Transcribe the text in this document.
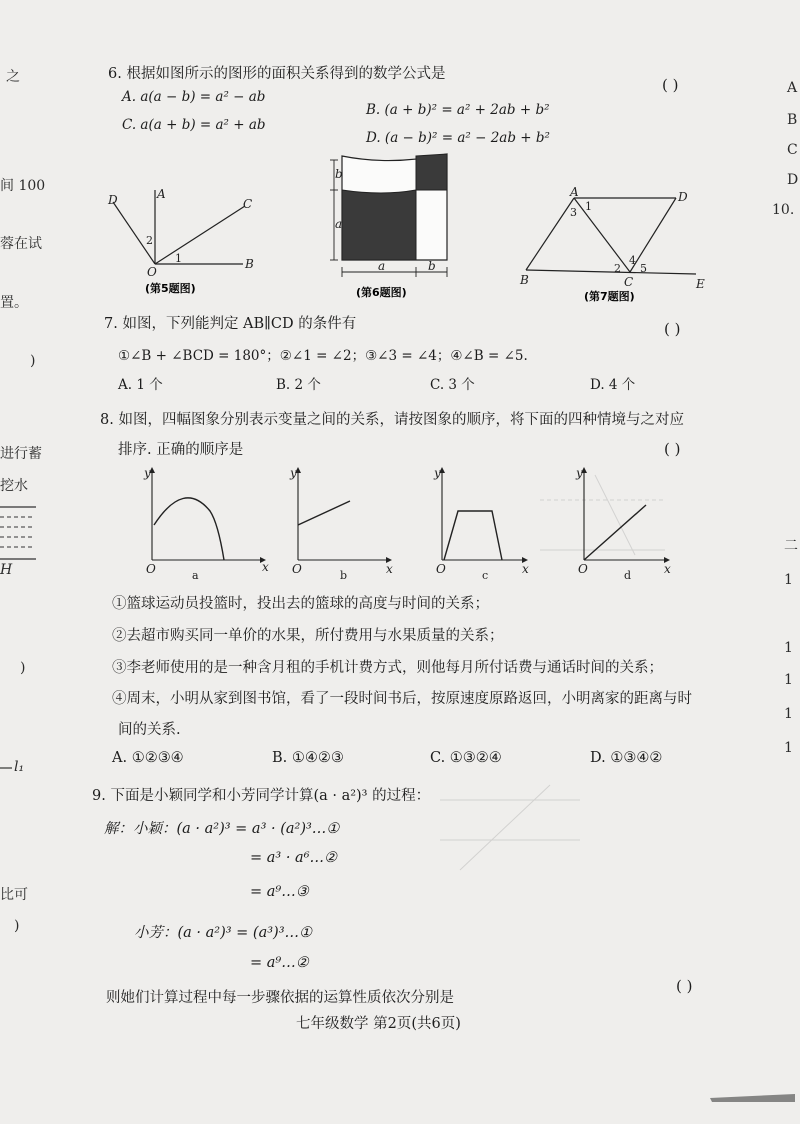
之
间 100
蓉在试
置。
)
进行蓄
挖水
H
)
l₁
比可
)
A
B
C
D
10.
二
1
1
1
1
1
6. 根据如图所示的图形的面积关系得到的数学公式是
( )
A. a(a − b) = a² − ab
B. (a + b)² = a² + 2ab + b²
C. a(a + b) = a² + ab
D. (a − b)² = a² − 2ab + b²
D	A
C
O
B
1
2
(第5题图)
b
a
a	b
(第6题图)
A	D
B	C	E
1
2
3
4
5
(第7题图)
7. 如图，下列能判定 AB∥CD 的条件有	( )
①∠B + ∠BCD = 180°；②∠1 = ∠2；③∠3 = ∠4；④∠B = ∠5.
A. 1 个	B. 2 个	C. 3 个	D. 4 个
8. 如图，四幅图象分别表示变量之间的关系，请按图象的顺序，将下面的四种情境与之对应
排序. 正确的顺序是	( )
y
O	x
a
y
O	x
b
y
O	x
c
y
O	x
d
①篮球运动员投篮时，投出去的篮球的高度与时间的关系；
②去超市购买同一单价的水果，所付费用与水果质量的关系；
③李老师使用的是一种含月租的手机计费方式，则他每月所付话费与通话时间的关系；
④周末，小明从家到图书馆，看了一段时间书后，按原速度原路返回，小明离家的距离与时
间的关系.
A. ①②③④	B. ①④②③	C. ①③②④	D. ①③④②
9. 下面是小颖同学和小芳同学计算(a · a²)³ 的过程：
解：小颖：(a · a²)³ = a³ · (a²)³…①
= a³ · a⁶…②
= a⁹…③
小芳：(a · a²)³ = (a³)³…①
= a⁹…②
则她们计算过程中每一步骤依据的运算性质依次分别是
( )
七年级数学 第2页(共6页)
